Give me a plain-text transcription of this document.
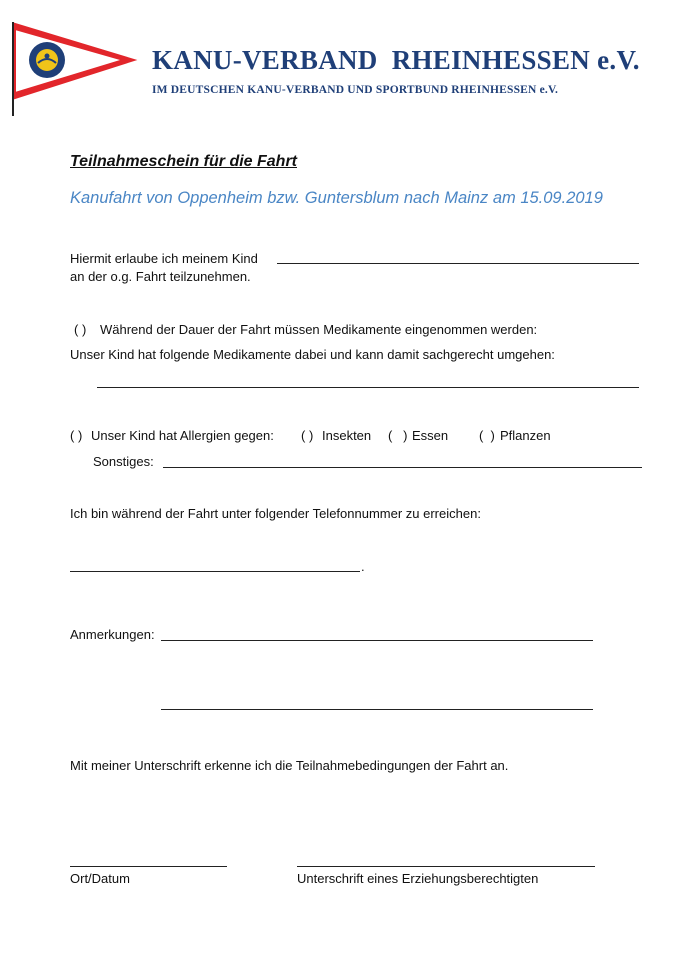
KANU-VERBAND  RHEINHESSEN e.V.
IM DEUTSCHEN KANU-VERBAND UND SPORTBUND RHEINHESSEN e.V.
Teilnahmeschein für die Fahrt
Kanufahrt von Oppenheim bzw. Guntersblum nach Mainz am 15.09.2019
Hiermit erlaube ich meinem Kind
an der o.g. Fahrt teilzunehmen.
( ) Während der Dauer der Fahrt müssen Medikamente eingenommen werden:
Unser Kind hat folgende Medikamente dabei und kann damit sachgerecht umgehen:
( ) Unser Kind hat Allergien gegen: ( ) Insekten (   ) Essen (  ) Pflanzen
Sonstiges:
Ich bin während der Fahrt unter folgender Telefonnummer zu erreichen:
.
Anmerkungen:
Mit meiner Unterschrift erkenne ich die Teilnahmebedingungen der Fahrt an.
Ort/Datum	Unterschrift eines Erziehungsberechtigten
